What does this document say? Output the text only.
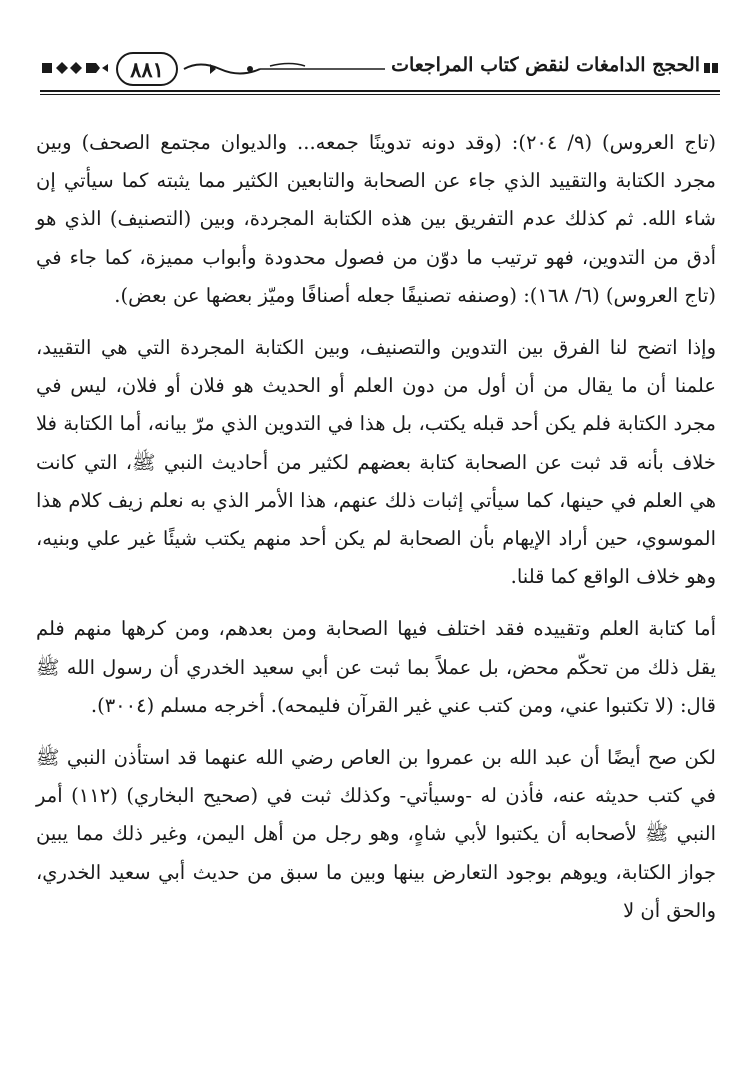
٨٨١	الحجج الدامغات لنقض كتاب المراجعات

(تاج العروس) (٩/ ٢٠٤): (وقد دونه تدوينًا جمعه... والديوان مجتمع الصحف) وبين مجرد الكتابة والتقييد الذي جاء عن الصحابة والتابعين الكثير مما يثبته كما سيأتي إن شاء الله. ثم كذلك عدم التفريق بين هذه الكتابة المجردة، وبين (التصنيف) الذي هو أدق من التدوين، فهو ترتيب ما دوّن من فصول محدودة وأبواب مميزة، كما جاء في (تاج العروس) (٦/ ١٦٨): (وصنفه تصنيفًا جعله أصنافًا وميّز بعضها عن بعض).

وإذا اتضح لنا الفرق بين التدوين والتصنيف، وبين الكتابة المجردة التي هي التقييد، علمنا أن ما يقال من أن أول من دون العلم أو الحديث هو فلان أو فلان، ليس في مجرد الكتابة فلم يكن أحد قبله يكتب، بل هذا في التدوين الذي مرّ بيانه، أما الكتابة فلا خلاف بأنه قد ثبت عن الصحابة كتابة بعضهم لكثير من أحاديث النبي ﷺ، التي كانت هي العلم في حينها، كما سيأتي إثبات ذلك عنهم، هذا الأمر الذي به نعلم زيف كلام هذا الموسوي، حين أراد الإيهام بأن الصحابة لم يكن أحد منهم يكتب شيئًا غير علي وبنيه، وهو خلاف الواقع كما قلنا.

أما كتابة العلم وتقييده فقد اختلف فيها الصحابة ومن بعدهم، ومن كرهها منهم فلم يقل ذلك من تحكّم محض، بل عملاً بما ثبت عن أبي سعيد الخدري أن رسول الله ﷺ قال: (لا تكتبوا عني، ومن كتب عني غير القرآن فليمحه). أخرجه مسلم (٣٠٠٤).

لكن صح أيضًا أن عبد الله بن عمروا بن العاص رضي الله عنهما قد استأذن النبي ﷺ في كتب حديثه عنه، فأذن له -وسيأتي- وكذلك ثبت في (صحيح البخاري) (١١٢) أمر النبي ﷺ لأصحابه أن يكتبوا لأبي شاهٍ، وهو رجل من أهل اليمن، وغير ذلك مما يبين جواز الكتابة، ويوهم بوجود التعارض بينها وبين ما سبق من حديث أبي سعيد الخدري، والحق أن لا
